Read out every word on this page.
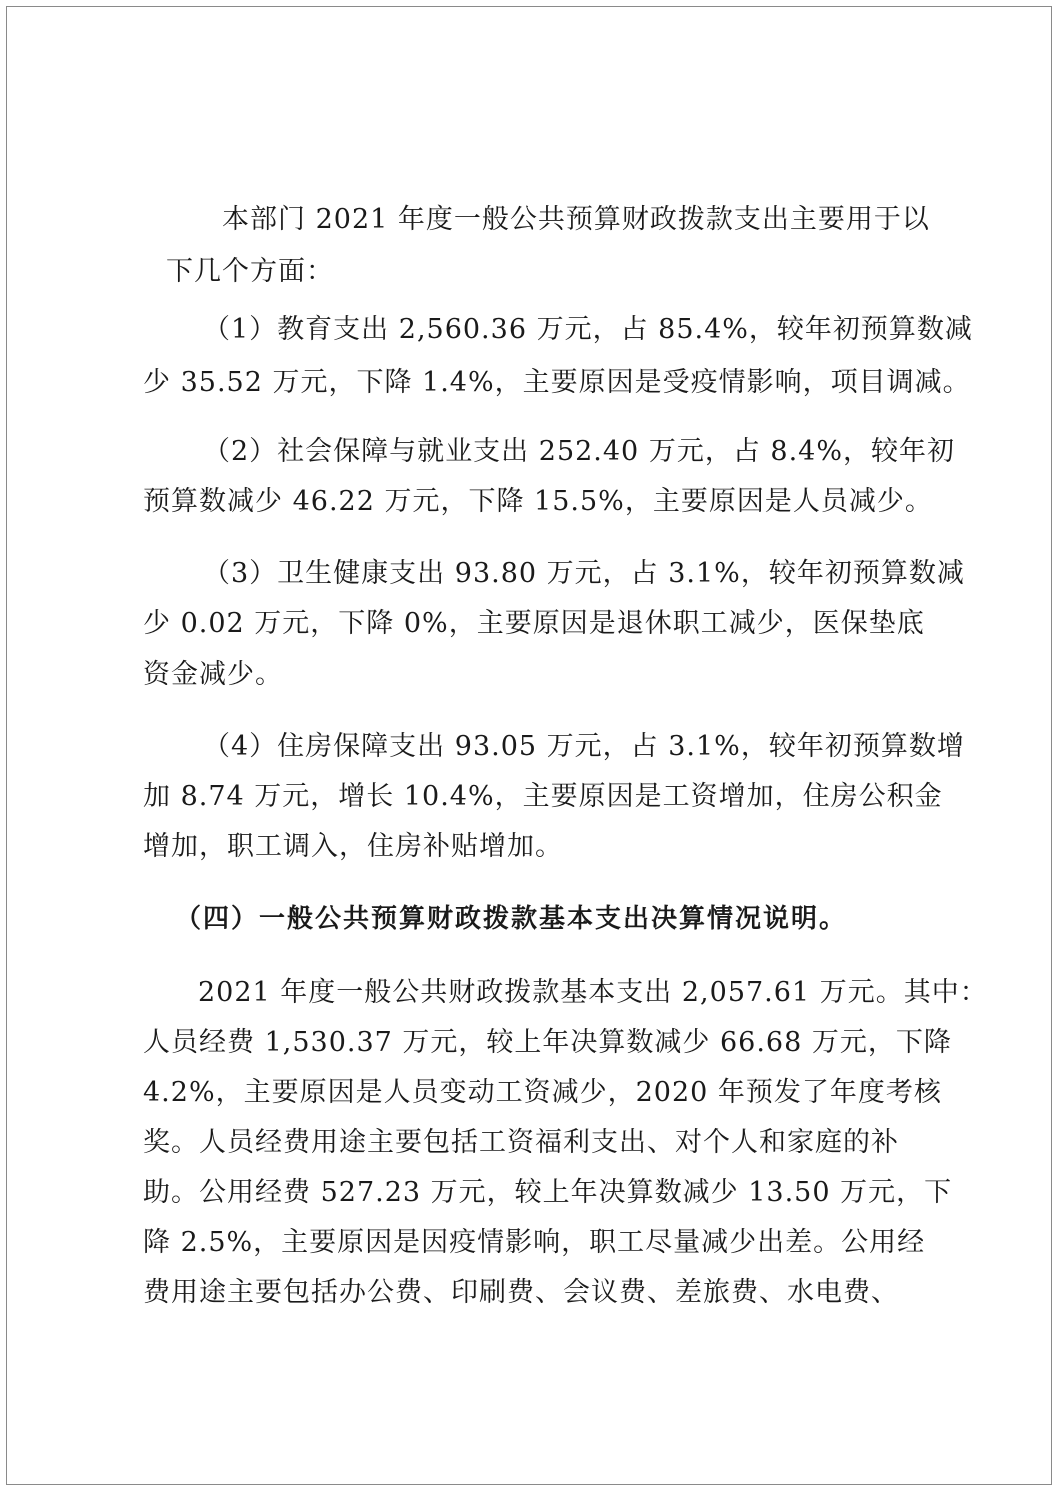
本部门 2021 年度一般公共预算财政拨款支出主要用于以
下几个方面：
（1）教育支出 2,560.36 万元，占 85.4%，较年初预算数减
少 35.52 万元，下降 1.4%，主要原因是受疫情影响，项目调减。
（2）社会保障与就业支出 252.40 万元，占 8.4%，较年初
预算数减少 46.22 万元，下降 15.5%，主要原因是人员减少。
（3）卫生健康支出 93.80 万元，占 3.1%，较年初预算数减
少 0.02 万元，下降 0%，主要原因是退休职工减少，医保垫底
资金减少。
（4）住房保障支出 93.05 万元，占 3.1%，较年初预算数增
加 8.74 万元，增长 10.4%，主要原因是工资增加，住房公积金
增加，职工调入，住房补贴增加。
（四）一般公共预算财政拨款基本支出决算情况说明。
2021 年度一般公共财政拨款基本支出 2,057.61 万元。其中：
人员经费 1,530.37 万元，较上年决算数减少 66.68 万元，下降
4.2%，主要原因是人员变动工资减少，2020 年预发了年度考核
奖。人员经费用途主要包括工资福利支出、对个人和家庭的补
助。公用经费 527.23 万元，较上年决算数减少 13.50 万元，下
降 2.5%，主要原因是因疫情影响，职工尽量减少出差。公用经
费用途主要包括办公费、印刷费、会议费、差旅费、水电费、
